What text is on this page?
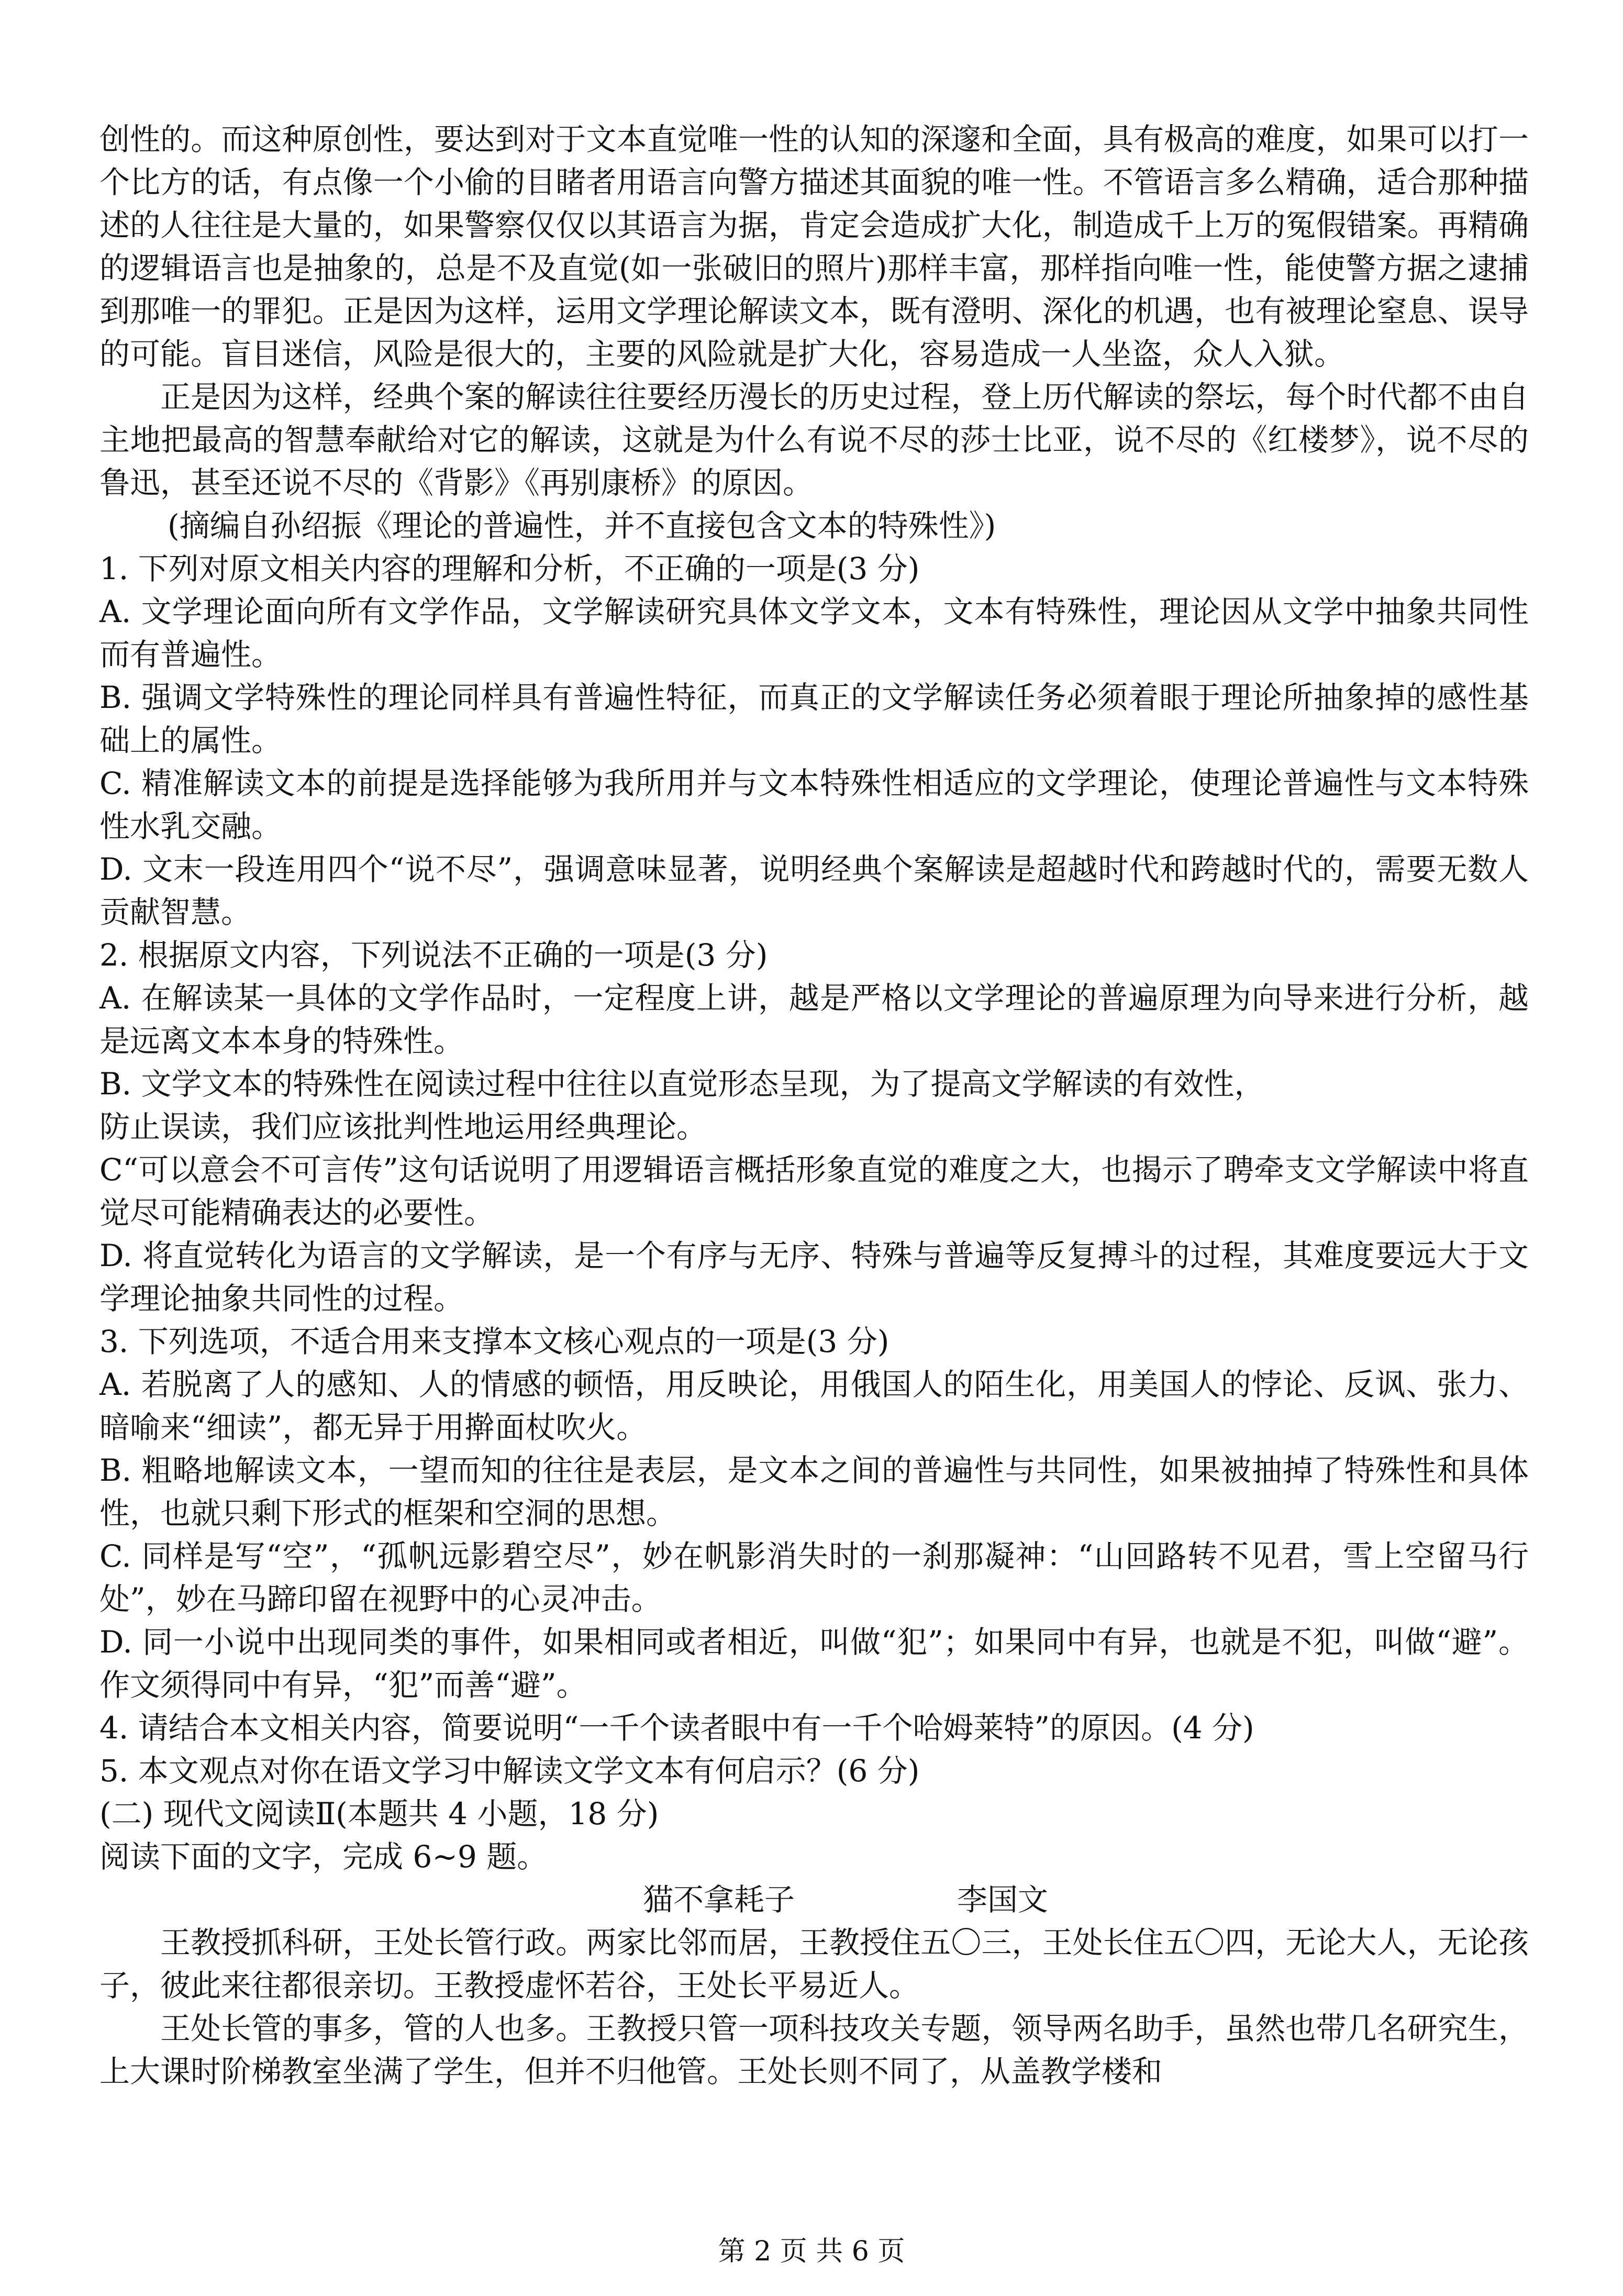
创性的。而这种原创性，要达到对于文本直觉唯一性的认知的深邃和全面，具有极高的难度，如果可以打一个比方的话，有点像一个小偷的目睹者用语言向警方描述其面貌的唯一性。不管语言多么精确，适合那种描述的人往往是大量的，如果警察仅仅以其语言为据，肯定会造成扩大化，制造成千上万的冤假错案。再精确的逻辑语言也是抽象的，总是不及直觉(如一张破旧的照片)那样丰富，那样指向唯一性，能使警方据之逮捕到那唯一的罪犯。正是因为这样，运用文学理论解读文本，既有澄明、深化的机遇，也有被理论窒息、误导的可能。盲目迷信，风险是很大的，主要的风险就是扩大化，容易造成一人坐盗，众人入狱。

正是因为这样，经典个案的解读往往要经历漫长的历史过程，登上历代解读的祭坛，每个时代都不由自主地把最高的智慧奉献给对它的解读，这就是为什么有说不尽的莎士比亚，说不尽的《红楼梦》，说不尽的鲁迅，甚至还说不尽的《背影》《再别康桥》的原因。

(摘编自孙绍振《理论的普遍性，并不直接包含文本的特殊性》)

1. 下列对原文相关内容的理解和分析，不正确的一项是(3 分)

A. 文学理论面向所有文学作品，文学解读研究具体文学文本，文本有特殊性，理论因从文学中抽象共同性而有普遍性。

B. 强调文学特殊性的理论同样具有普遍性特征，而真正的文学解读任务必须着眼于理论所抽象掉的感性基础上的属性。

C. 精准解读文本的前提是选择能够为我所用并与文本特殊性相适应的文学理论，使理论普遍性与文本特殊性水乳交融。

D. 文末一段连用四个“说不尽”，强调意味显著，说明经典个案解读是超越时代和跨越时代的，需要无数人贡献智慧。

2. 根据原文内容，下列说法不正确的一项是(3 分)

A. 在解读某一具体的文学作品时，一定程度上讲，越是严格以文学理论的普遍原理为向导来进行分析，越是远离文本本身的特殊性。

B. 文学文本的特殊性在阅读过程中往往以直觉形态呈现，为了提高文学解读的有效性，

防止误读，我们应该批判性地运用经典理论。

C“可以意会不可言传”这句话说明了用逻辑语言概括形象直觉的难度之大，也揭示了聘牵支文学解读中将直觉尽可能精确表达的必要性。

D. 将直觉转化为语言的文学解读，是一个有序与无序、特殊与普遍等反复搏斗的过程，其难度要远大于文学理论抽象共同性的过程。

3. 下列选项，不适合用来支撑本文核心观点的一项是(3 分)

A. 若脱离了人的感知、人的情感的顿悟，用反映论，用俄国人的陌生化，用美国人的悖论、反讽、张力、暗喻来“细读”，都无异于用擀面杖吹火。

B. 粗略地解读文本，一望而知的往往是表层，是文本之间的普遍性与共同性，如果被抽掉了特殊性和具体性，也就只剩下形式的框架和空洞的思想。

C. 同样是写“空”，“孤帆远影碧空尽”，妙在帆影消失时的一刹那凝神：“山回路转不见君，雪上空留马行处”，妙在马蹄印留在视野中的心灵冲击。

D. 同一小说中出现同类的事件，如果相同或者相近，叫做“犯”；如果同中有异，也就是不犯，叫做“避”。作文须得同中有异，“犯”而善“避”。

4. 请结合本文相关内容，简要说明“一千个读者眼中有一千个哈姆莱特”的原因。(4 分)

5. 本文观点对你在语文学习中解读文学文本有何启示？(6 分)

(二) 现代文阅读Ⅱ(本题共 4 小题，18 分)

阅读下面的文字，完成 6~9 题。

猫不拿耗子	李国文

王教授抓科研，王处长管行政。两家比邻而居，王教授住五〇三，王处长住五〇四，无论大人，无论孩子，彼此来往都很亲切。王教授虚怀若谷，王处长平易近人。

王处长管的事多，管的人也多。王教授只管一项科技攻关专题，领导两名助手，虽然也带几名研究生，上大课时阶梯教室坐满了学生，但并不归他管。王处长则不同了，从盖教学楼和

第 2 页 共 6 页
